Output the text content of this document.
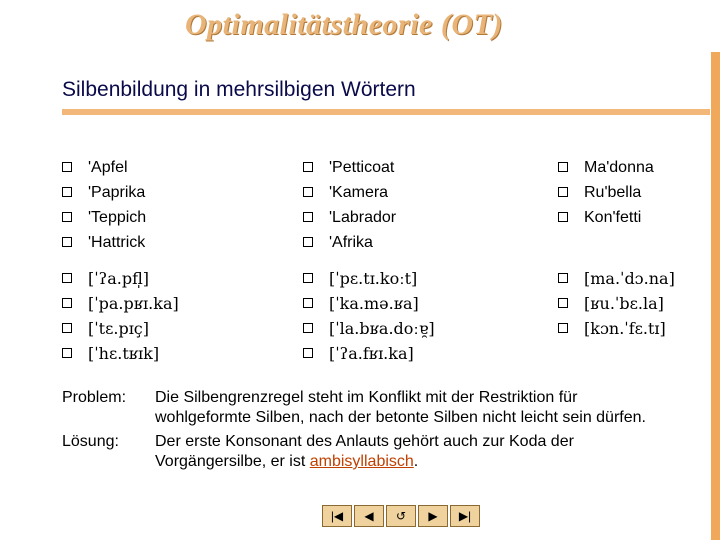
Optimalitätstheorie (OT)
Silbenbildung in mehrsilbigen Wörtern
'Apfel
'Paprika
'Teppich
'Hattrick
'Petticoat
'Kamera
'Labrador
'Afrika
Ma'donna
Ru'bella
Kon'fetti
[ˈʔa.pfl̩]
[ˈpa.pʁɪ.ka]
[ˈtɛ.pɪç]
[ˈhɛ.tʁɪk]
[ˈpɛ.tɪ.koːt]
[ˈka.mə.ʁa]
[ˈla.bʁa.doːɐ̯]
[ˈʔa.fʁɪ.ka]
[ma.ˈdɔ.na]
[ʁu.ˈbɛ.la]
[kɔn.ˈfɛ.tɪ]
Problem:	Die Silbengrenzregel steht im Konflikt mit der Restriktion für wohlgeformte Silben, nach der betonte Silben nicht leicht sein dürfen.
Lösung:	Der erste Konsonant des Anlauts gehört auch zur Koda der Vorgängersilbe, er ist ambisyllabisch.
|◀ ◀ ↺ ▶ ▶|
